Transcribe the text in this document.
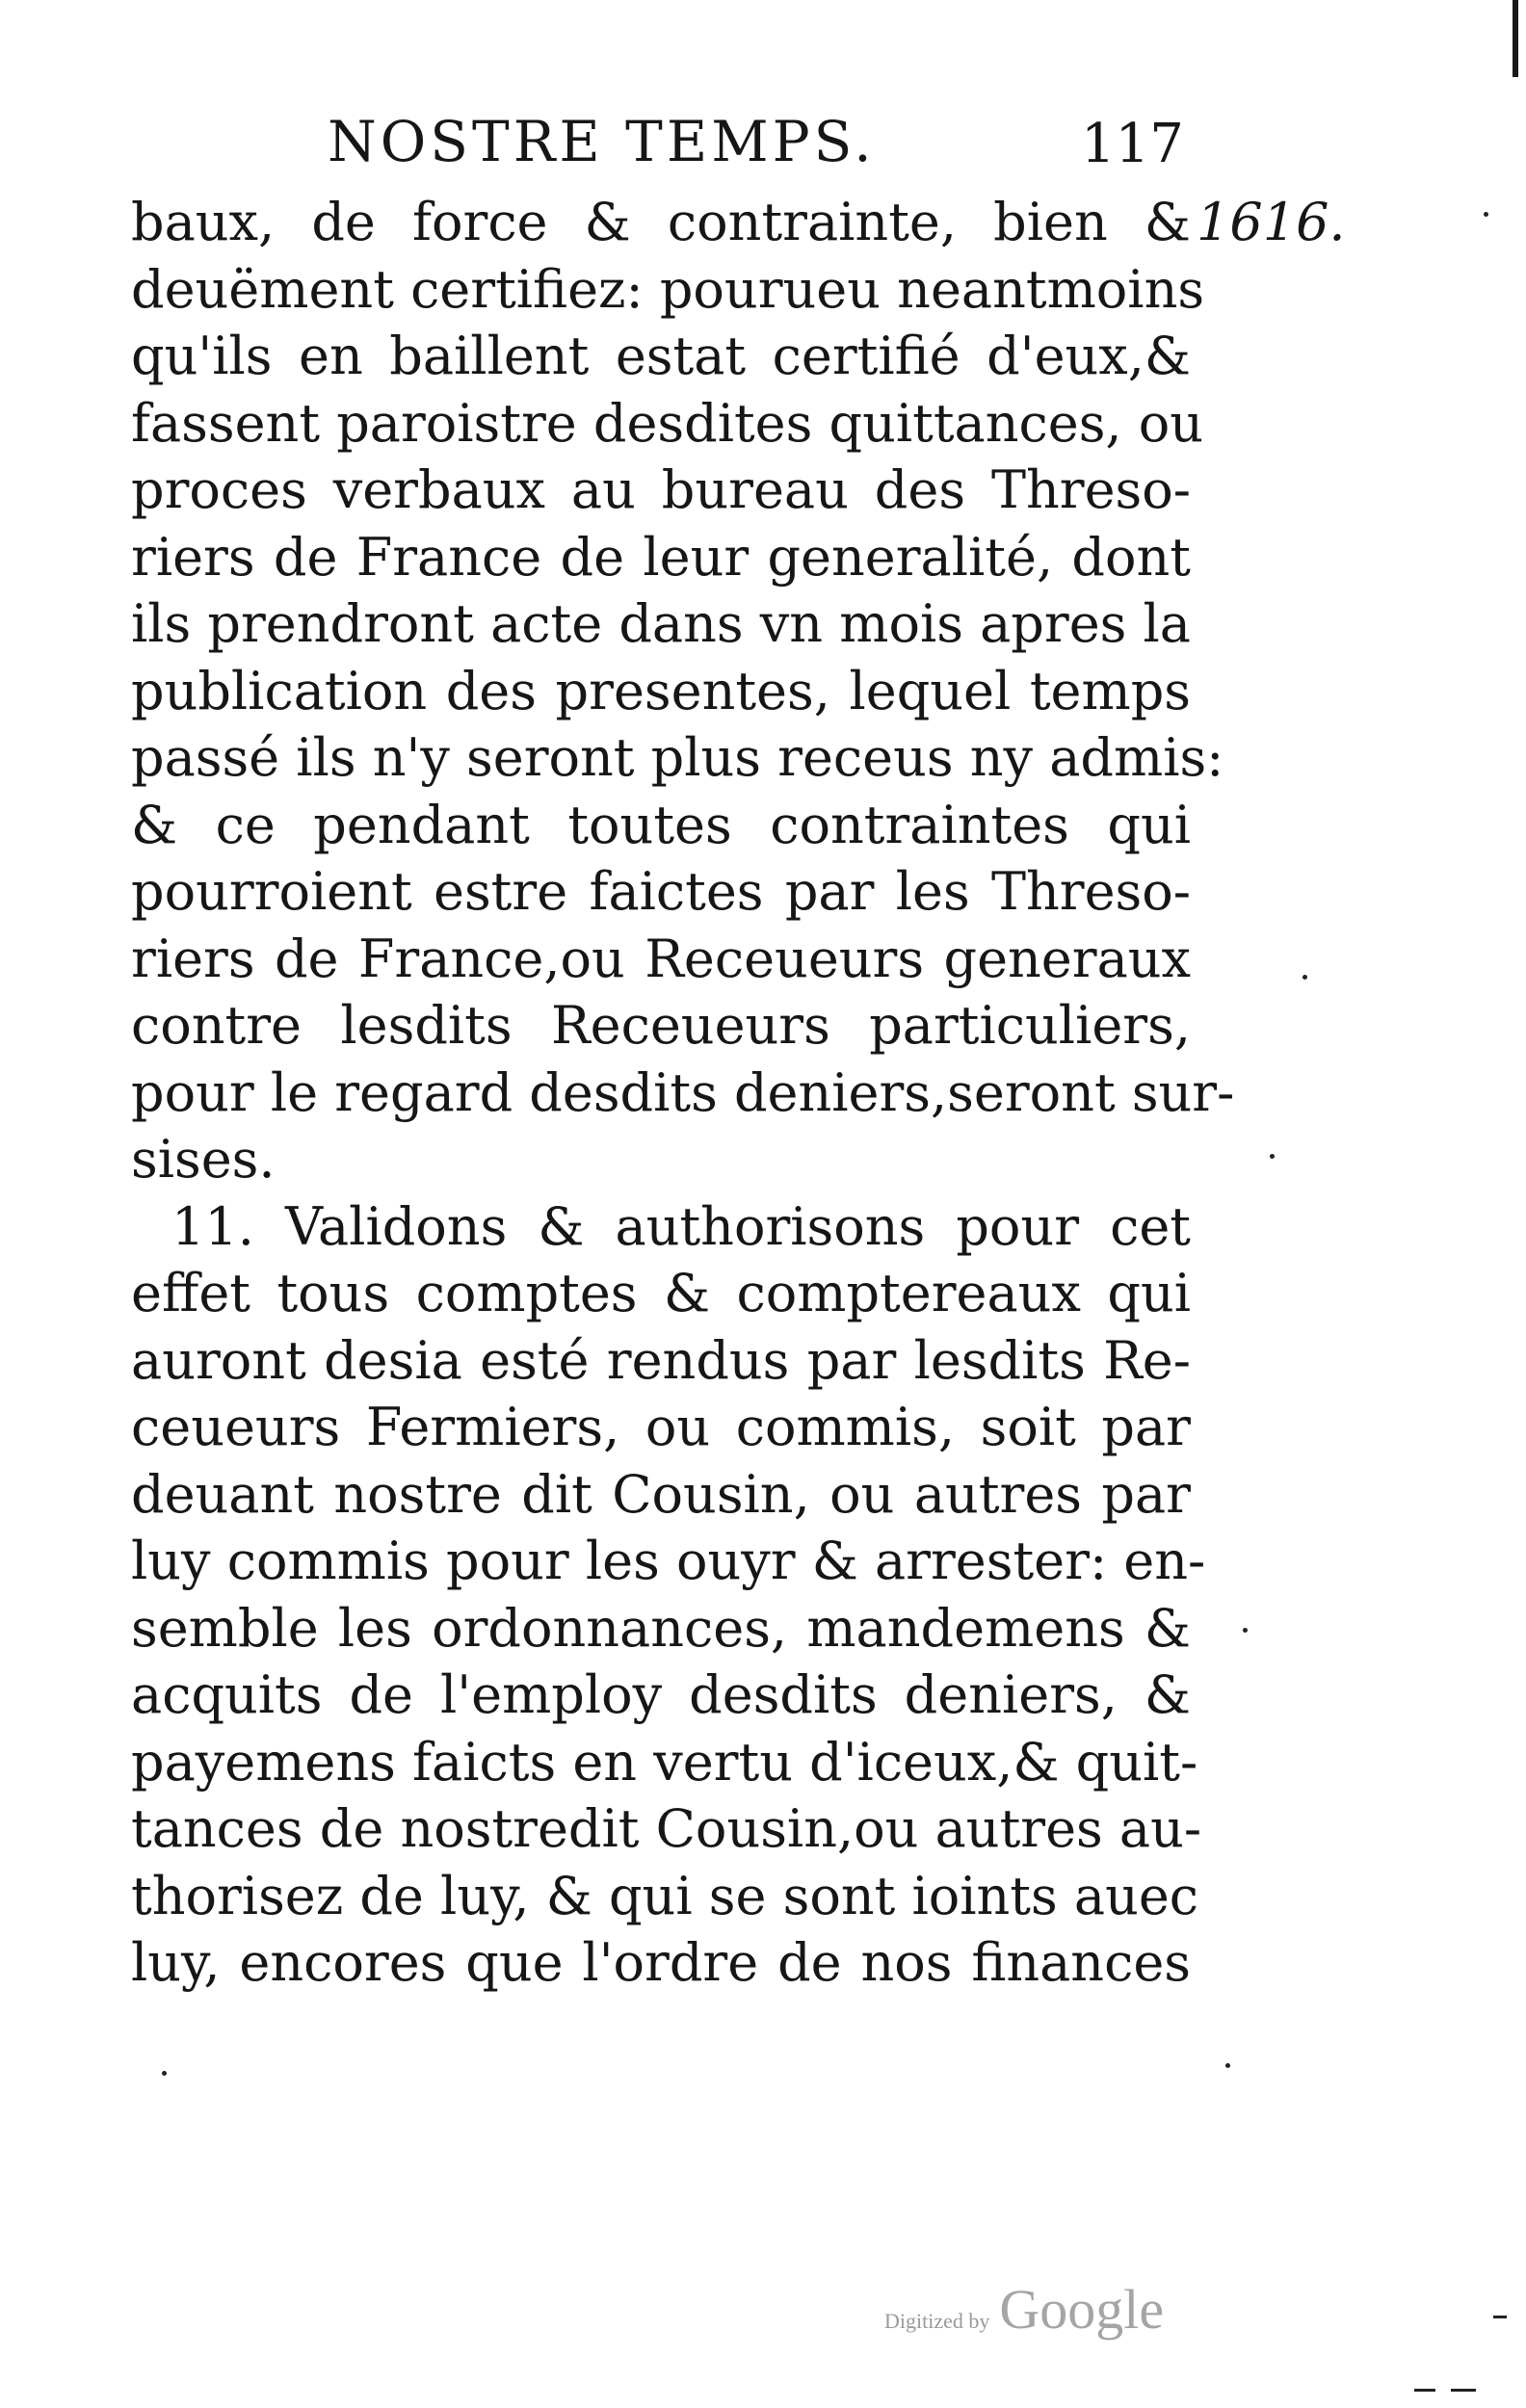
NOSTRE TEMPS.	117
1616.
baux, de force & contrainte, bien &
deuëment certifiez: pourueu neantmoins
qu'ils en baillent estat certifié d'eux,&
fassent paroistre desdites quittances, ou
proces verbaux au bureau des Threso-
riers de France de leur generalité, dont
ils prendront acte dans vn mois apres la
publication des presentes, lequel temps
passé ils n'y seront plus receus ny admis:
& ce pendant toutes contraintes qui
pourroient estre faictes par les Threso-
riers de France,ou Receueurs generaux
contre lesdits Receueurs particuliers,
pour le regard desdits deniers,seront sur-
sises.
11. Validons & authorisons pour cet
effet tous comptes & comptereaux qui
auront desia esté rendus par lesdits Re-
ceueurs Fermiers, ou commis, soit par
deuant nostre dit Cousin, ou autres par
luy commis pour les ouyr & arrester: en-
semble les ordonnances, mandemens &
acquits de l'employ desdits deniers, &
payemens faicts en vertu d'iceux,& quit-
tances de nostredit Cousin,ou autres au-
thorisez de luy, & qui se sont ioints auec
luy, encores que l'ordre de nos finances
Digitized by Google
